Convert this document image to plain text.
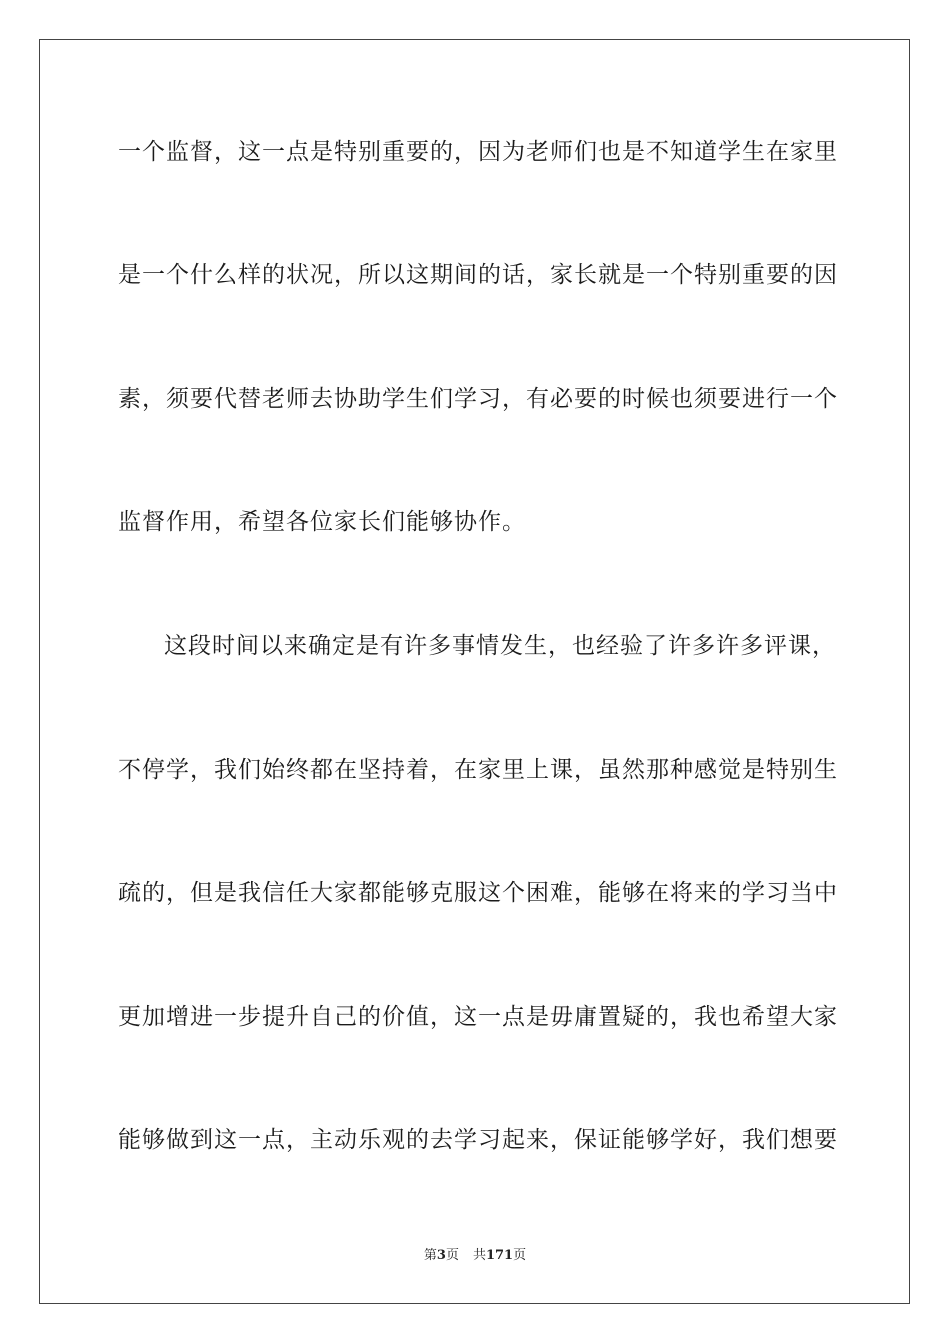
一个监督，这一点是特别重要的，因为老师们也是不知道学生在家里
是一个什么样的状况，所以这期间的话，家长就是一个特别重要的因
素，须要代替老师去协助学生们学习，有必要的时候也须要进行一个
监督作用，希望各位家长们能够协作。
这段时间以来确定是有许多事情发生，也经验了许多许多评课，
不停学，我们始终都在坚持着，在家里上课，虽然那种感觉是特别生
疏的，但是我信任大家都能够克服这个困难，能够在将来的学习当中
更加增进一步提升自己的价值，这一点是毋庸置疑的，我也希望大家
能够做到这一点，主动乐观的去学习起来，保证能够学好，我们想要
第3页 共171页
